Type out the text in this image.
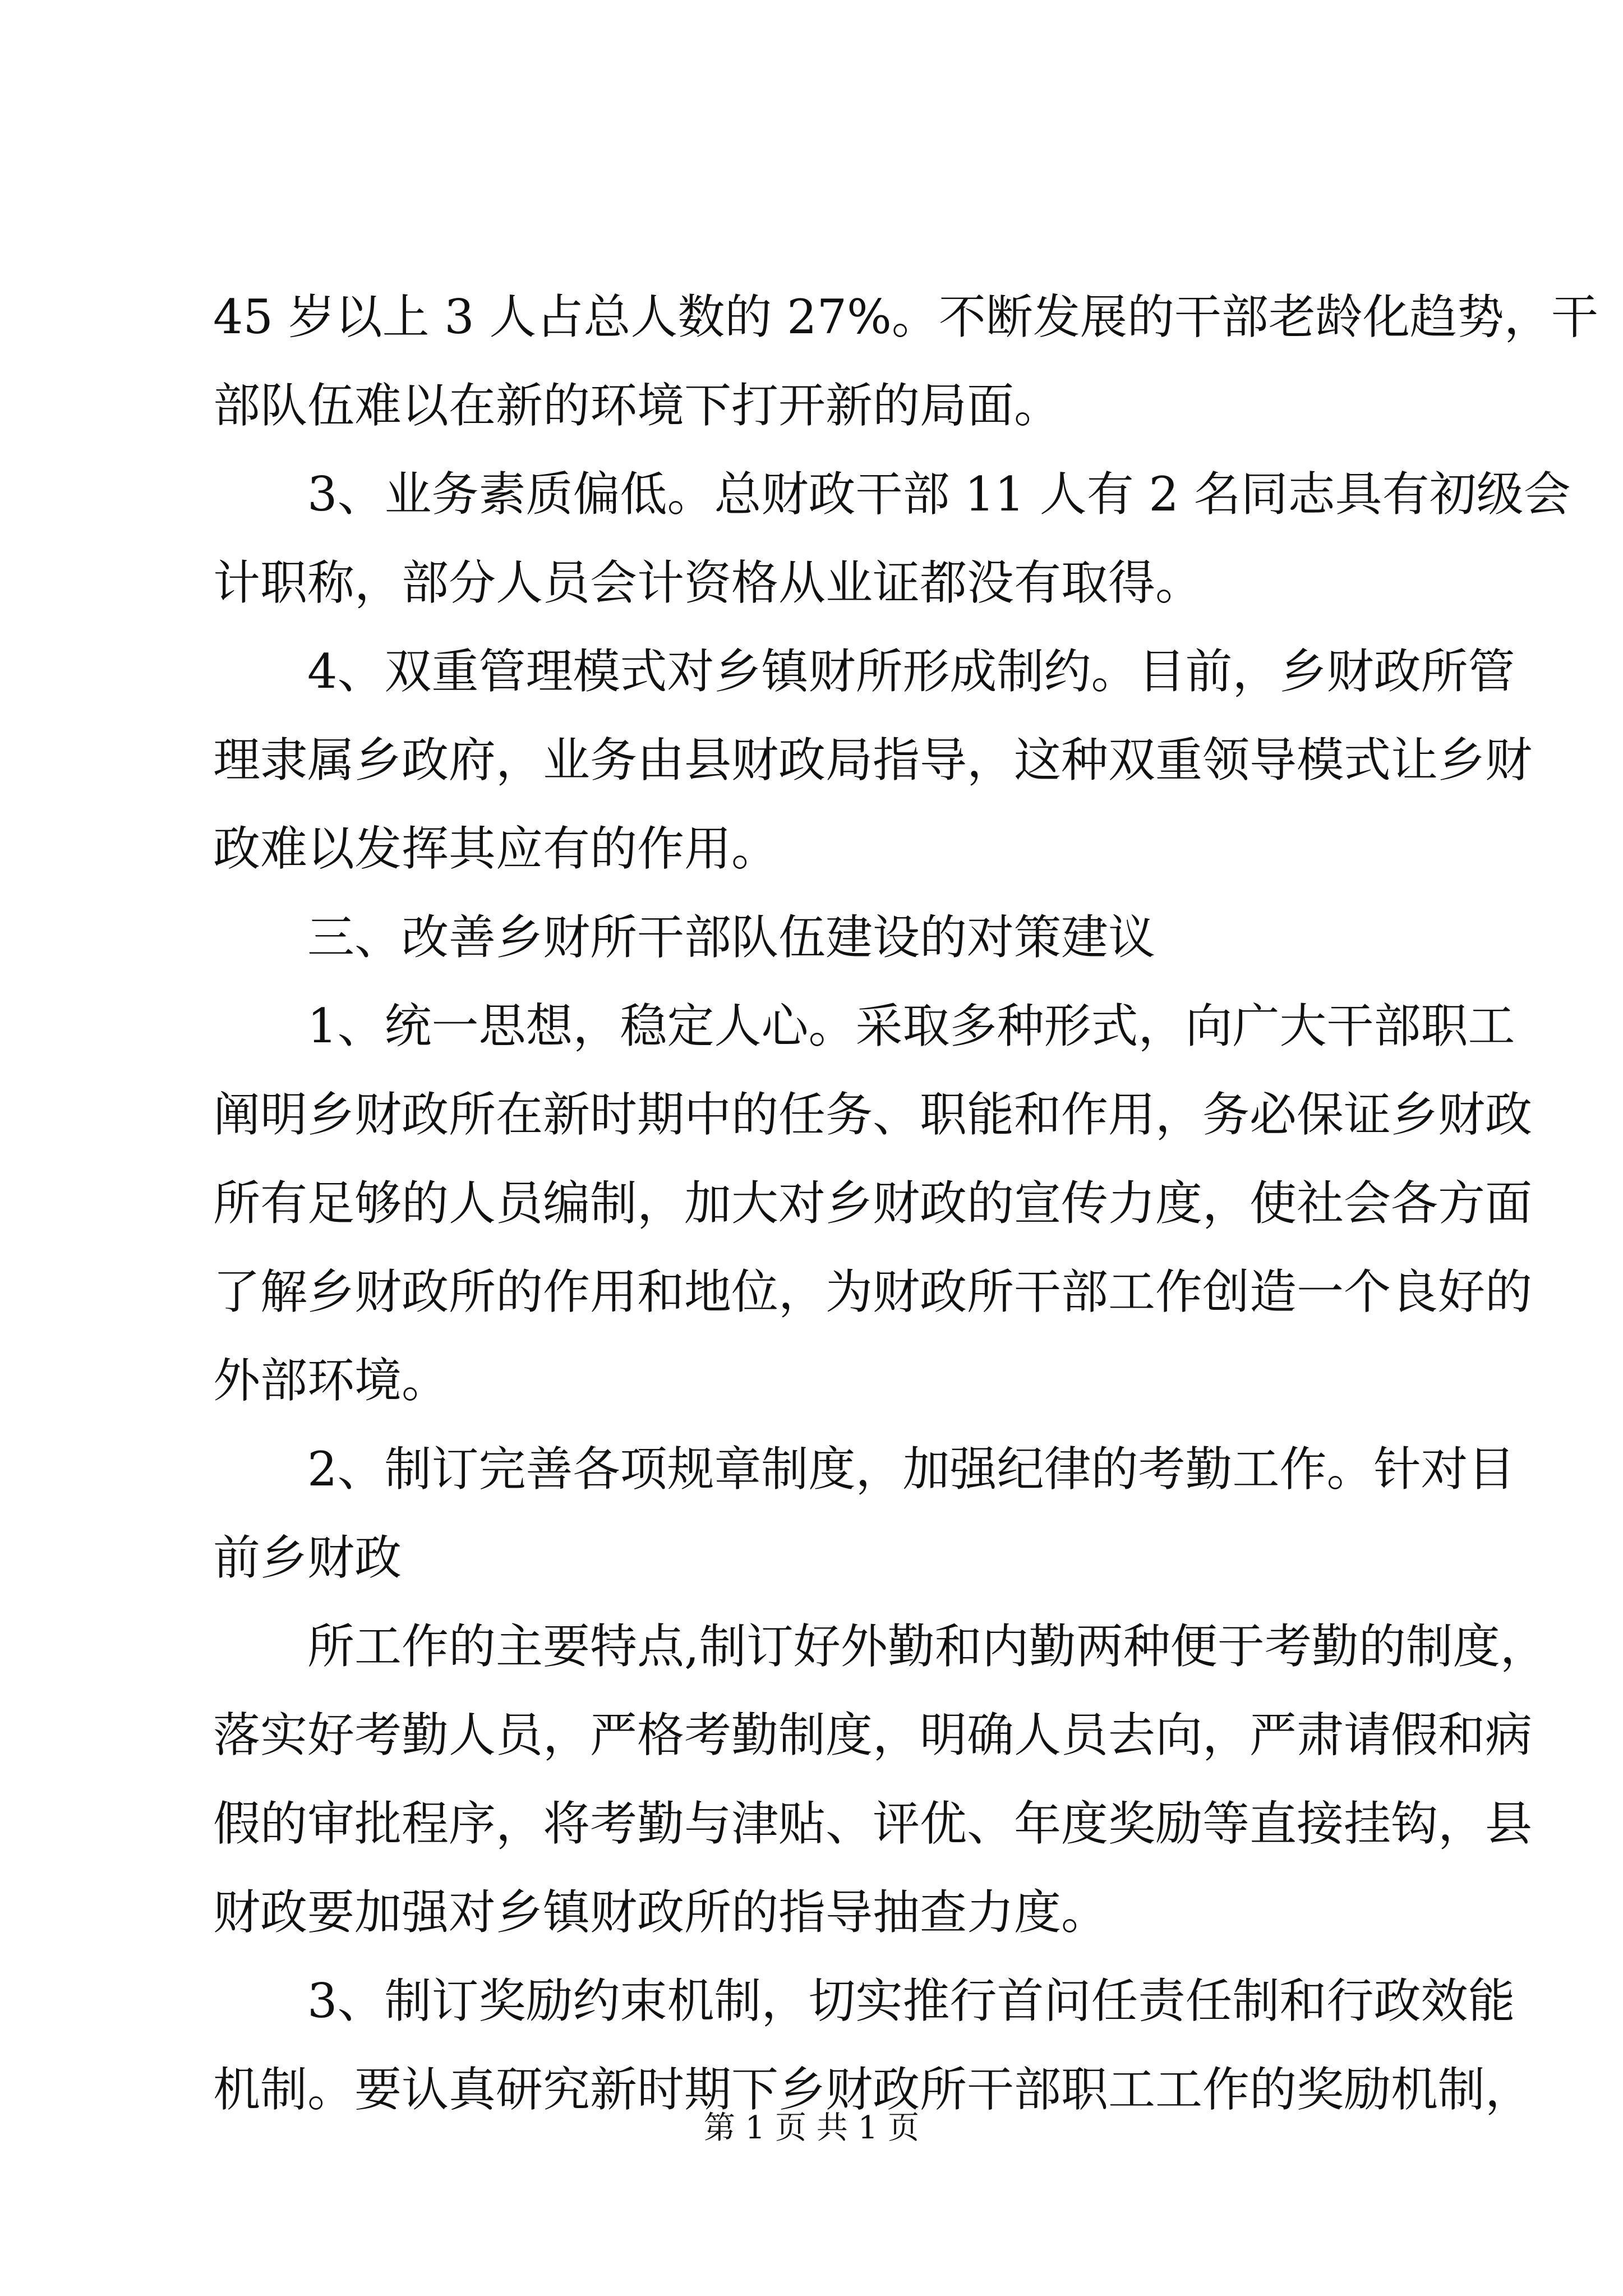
45 岁以上 3 人占总人数的 27%。不断发展的干部老龄化趋势，干
部队伍难以在新的环境下打开新的局面。
3、业务素质偏低。总财政干部 11 人有 2 名同志具有初级会
计职称，部分人员会计资格从业证都没有取得。
4、双重管理模式对乡镇财所形成制约。目前，乡财政所管
理隶属乡政府，业务由县财政局指导，这种双重领导模式让乡财
政难以发挥其应有的作用。
三、改善乡财所干部队伍建设的对策建议
1、统一思想，稳定人心。采取多种形式，向广大干部职工
阐明乡财政所在新时期中的任务、职能和作用，务必保证乡财政
所有足够的人员编制，加大对乡财政的宣传力度，使社会各方面
了解乡财政所的作用和地位，为财政所干部工作创造一个良好的
外部环境。
2、制订完善各项规章制度，加强纪律的考勤工作。针对目
前乡财政
所工作的主要特点,制订好外勤和内勤两种便于考勤的制度，
落实好考勤人员，严格考勤制度，明确人员去向，严肃请假和病
假的审批程序，将考勤与津贴、评优、年度奖励等直接挂钩，县
财政要加强对乡镇财政所的指导抽查力度。
3、制订奖励约束机制，切实推行首问任责任制和行政效能
机制。要认真研究新时期下乡财政所干部职工工作的奖励机制，
第 1 页 共 1 页
